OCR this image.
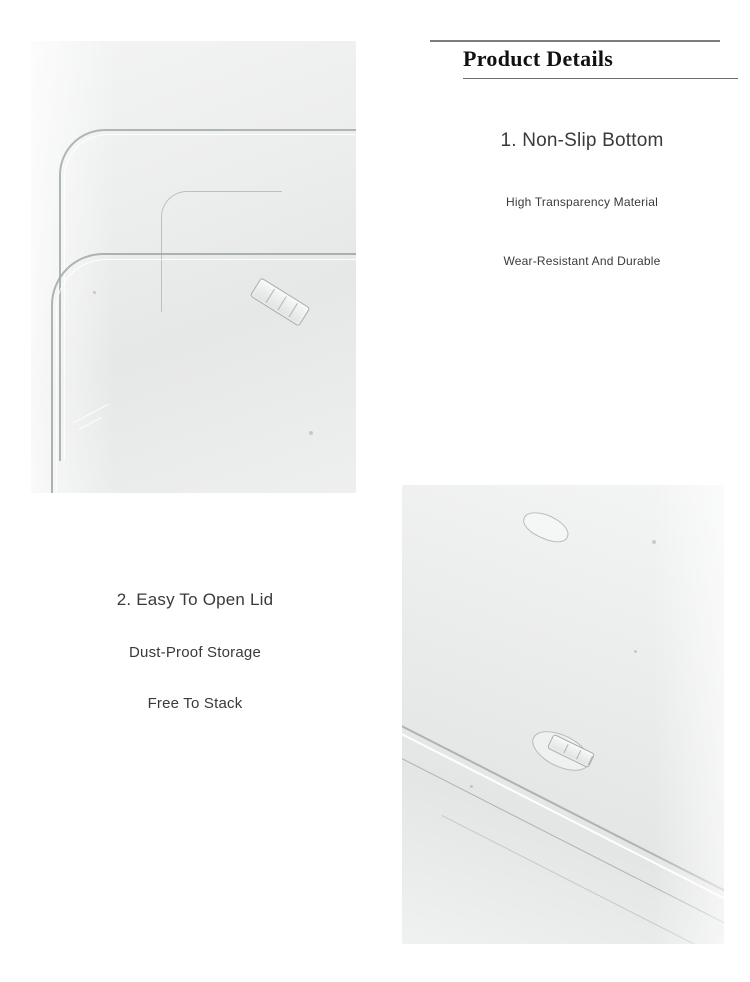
Product Details
1. Non-Slip Bottom
High Transparency Material
Wear-Resistant And Durable
2. Easy To Open Lid
Dust-Proof Storage
Free To Stack
